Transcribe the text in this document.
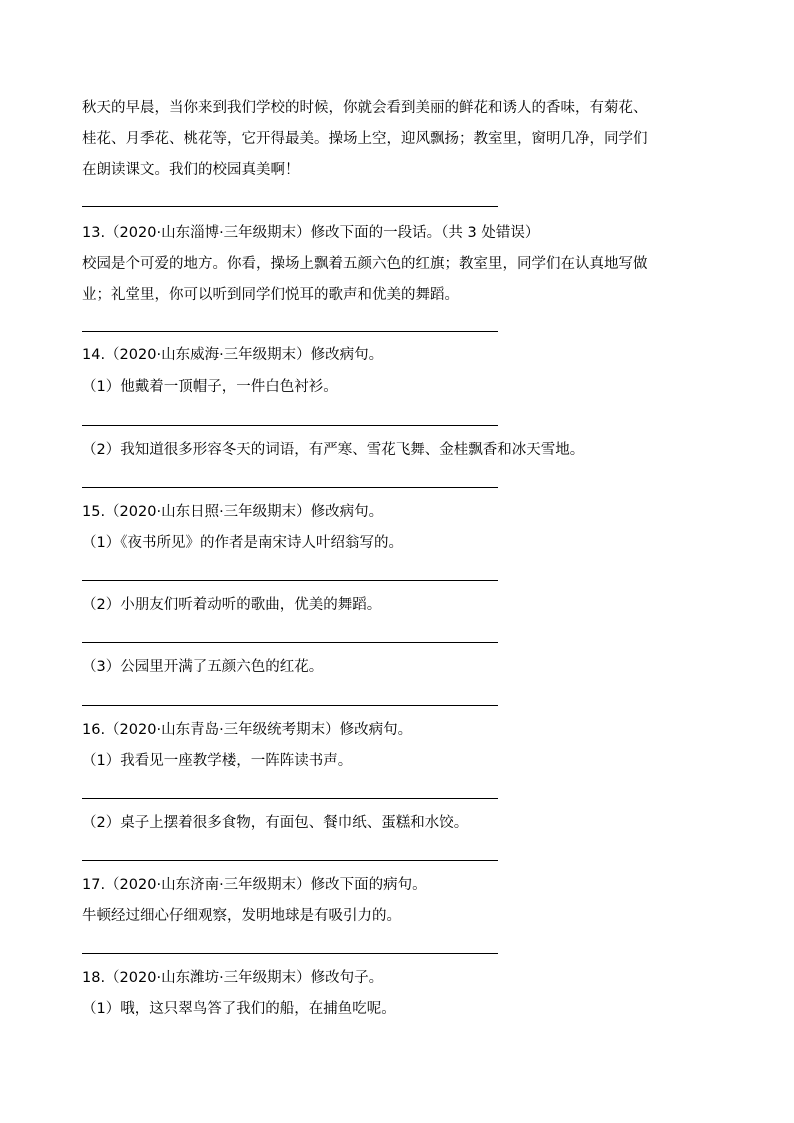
秋天的早晨，当你来到我们学校的时候，你就会看到美丽的鲜花和诱人的香味，有菊花、
桂花、月季花、桃花等，它开得最美。操场上空，迎风飘扬；教室里，窗明几净，同学们
在朗读课文。我们的校园真美啊！
13.（2020·山东淄博·三年级期末）修改下面的一段话。（共 3 处错误）
校园是个可爱的地方。你看，操场上飘着五颜六色的红旗；教室里，同学们在认真地写做
业；礼堂里，你可以听到同学们悦耳的歌声和优美的舞蹈。
14.（2020·山东威海·三年级期末）修改病句。
（1）他戴着一顶帽子，一件白色衬衫。
（2）我知道很多形容冬天的词语，有严寒、雪花飞舞、金桂飘香和冰天雪地。
15.（2020·山东日照·三年级期末）修改病句。
（1）《夜书所见》的作者是南宋诗人叶绍翁写的。
（2）小朋友们听着动听的歌曲，优美的舞蹈。
（3）公园里开满了五颜六色的红花。
16.（2020·山东青岛·三年级统考期末）修改病句。
（1）我看见一座教学楼，一阵阵读书声。
（2）桌子上摆着很多食物，有面包、餐巾纸、蛋糕和水饺。
17.（2020·山东济南·三年级期末）修改下面的病句。
牛顿经过细心仔细观察，发明地球是有吸引力的。
18.（2020·山东潍坊·三年级期末）修改句子。
（1）哦，这只翠鸟答了我们的船，在捕鱼吃呢。
